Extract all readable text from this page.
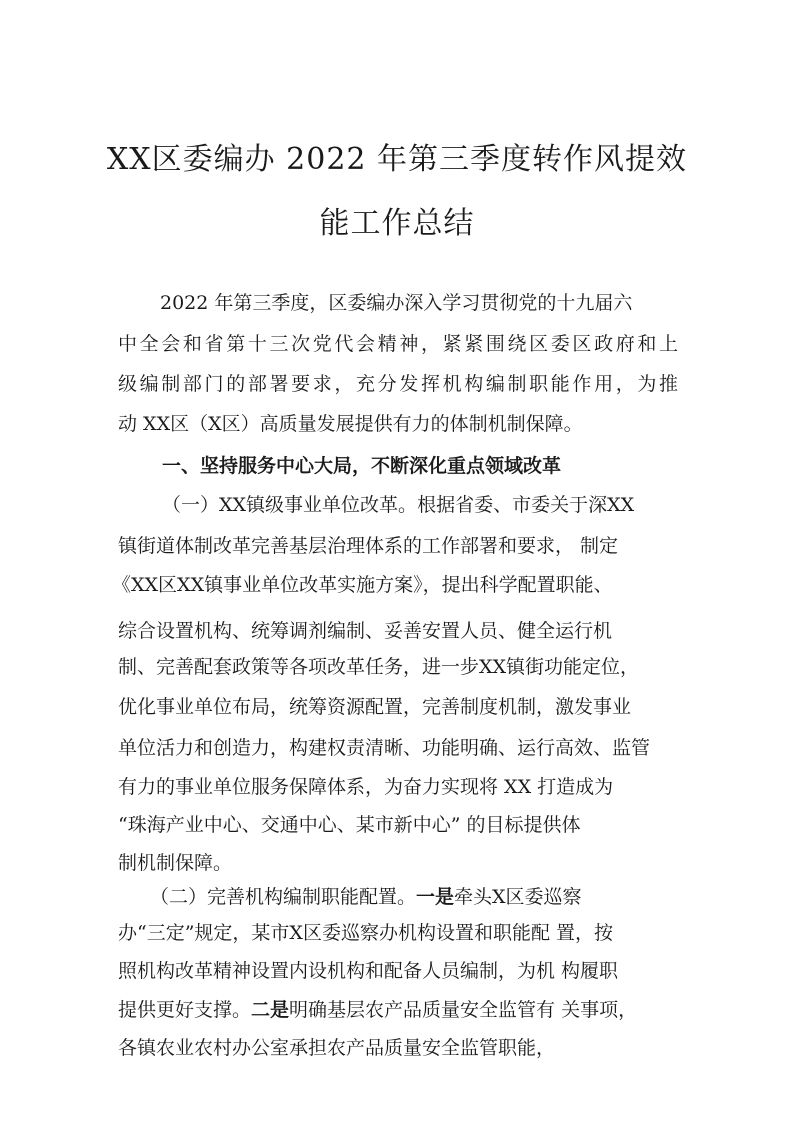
XX区委编办 2022 年第三季度转作风提效
能工作总结
2022 年第三季度，区委编办深入学习贯彻党的十九届六
中全会和省第十三次党代会精神，紧紧围绕区委区政府和上
级编制部门的部署要求，充分发挥机构编制职能作用，为推
动 XX区（X区）高质量发展提供有力的体制机制保障。
一、坚持服务中心大局，不断深化重点领域改革
（一）XX镇级事业单位改革。根据省委、市委关于深XX
镇街道体制改革完善基层治理体系的工作部署和要求， 制定
《XX区XX镇事业单位改革实施方案》，提出科学配置职能、
综合设置机构、统筹调剂编制、妥善安置人员、健全运行机
制、完善配套政策等各项改革任务，进一步XX镇街功能定位，
优化事业单位布局，统筹资源配置，完善制度机制，激发事业
单位活力和创造力，构建权责清晰、功能明确、运行高效、监管
有力的事业单位服务保障体系，为奋力实现将 XX 打造成为
“珠海产业中心、交通中心、某市新中心” 的目标提供体
制机制保障。
（二）完善机构编制职能配置。一是牵头X区委巡察
办“三定”规定，某市X区委巡察办机构设置和职能配 置，按
照机构改革精神设置内设机构和配备人员编制，为机 构履职
提供更好支撑。二是明确基层农产品质量安全监管有 关事项，
各镇农业农村办公室承担农产品质量安全监管职能，
